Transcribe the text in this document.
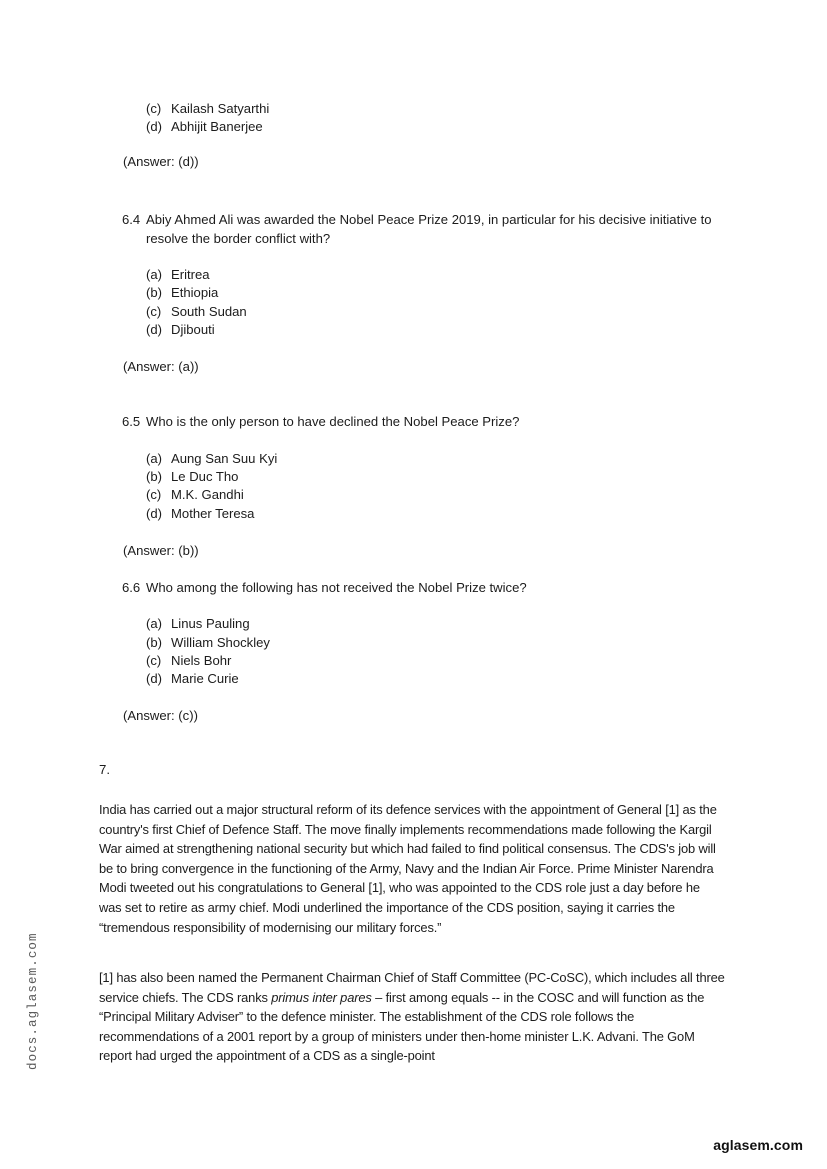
docs.aglasem.com
(c) Kailash Satyarthi
(d) Abhijit Banerjee
(Answer: (d))
6.4 Abiy Ahmed Ali was awarded the Nobel Peace Prize 2019, in particular for his decisive initiative to resolve the border conflict with?
(a) Eritrea
(b) Ethiopia
(c) South Sudan
(d) Djibouti
(Answer: (a))
6.5 Who is the only person to have declined the Nobel Peace Prize?
(a) Aung San Suu Kyi
(b) Le Duc Tho
(c) M.K. Gandhi
(d) Mother Teresa
(Answer: (b))
6.6 Who among the following has not received the Nobel Prize twice?
(a) Linus Pauling
(b) William Shockley
(c) Niels Bohr
(d) Marie Curie
(Answer: (c))
7.
India has carried out a major structural reform of its defence services with the appointment of General [1] as the country's first Chief of Defence Staff. The move finally implements recommendations made following the Kargil War aimed at strengthening national security but which had failed to find political consensus. The CDS's job will be to bring convergence in the functioning of the Army, Navy and the Indian Air Force. Prime Minister Narendra Modi tweeted out his congratulations to General [1], who was appointed to the CDS role just a day before he was set to retire as army chief. Modi underlined the importance of the CDS position, saying it carries the “tremendous responsibility of modernising our military forces.”
[1] has also been named the Permanent Chairman Chief of Staff Committee (PC-CoSC), which includes all three service chiefs. The CDS ranks primus inter pares – first among equals -- in the COSC and will function as the “Principal Military Adviser” to the defence minister. The establishment of the CDS role follows the recommendations of a 2001 report by a group of ministers under then-home minister L.K. Advani. The GoM report had urged the appointment of a CDS as a single-point
aglasem.com
